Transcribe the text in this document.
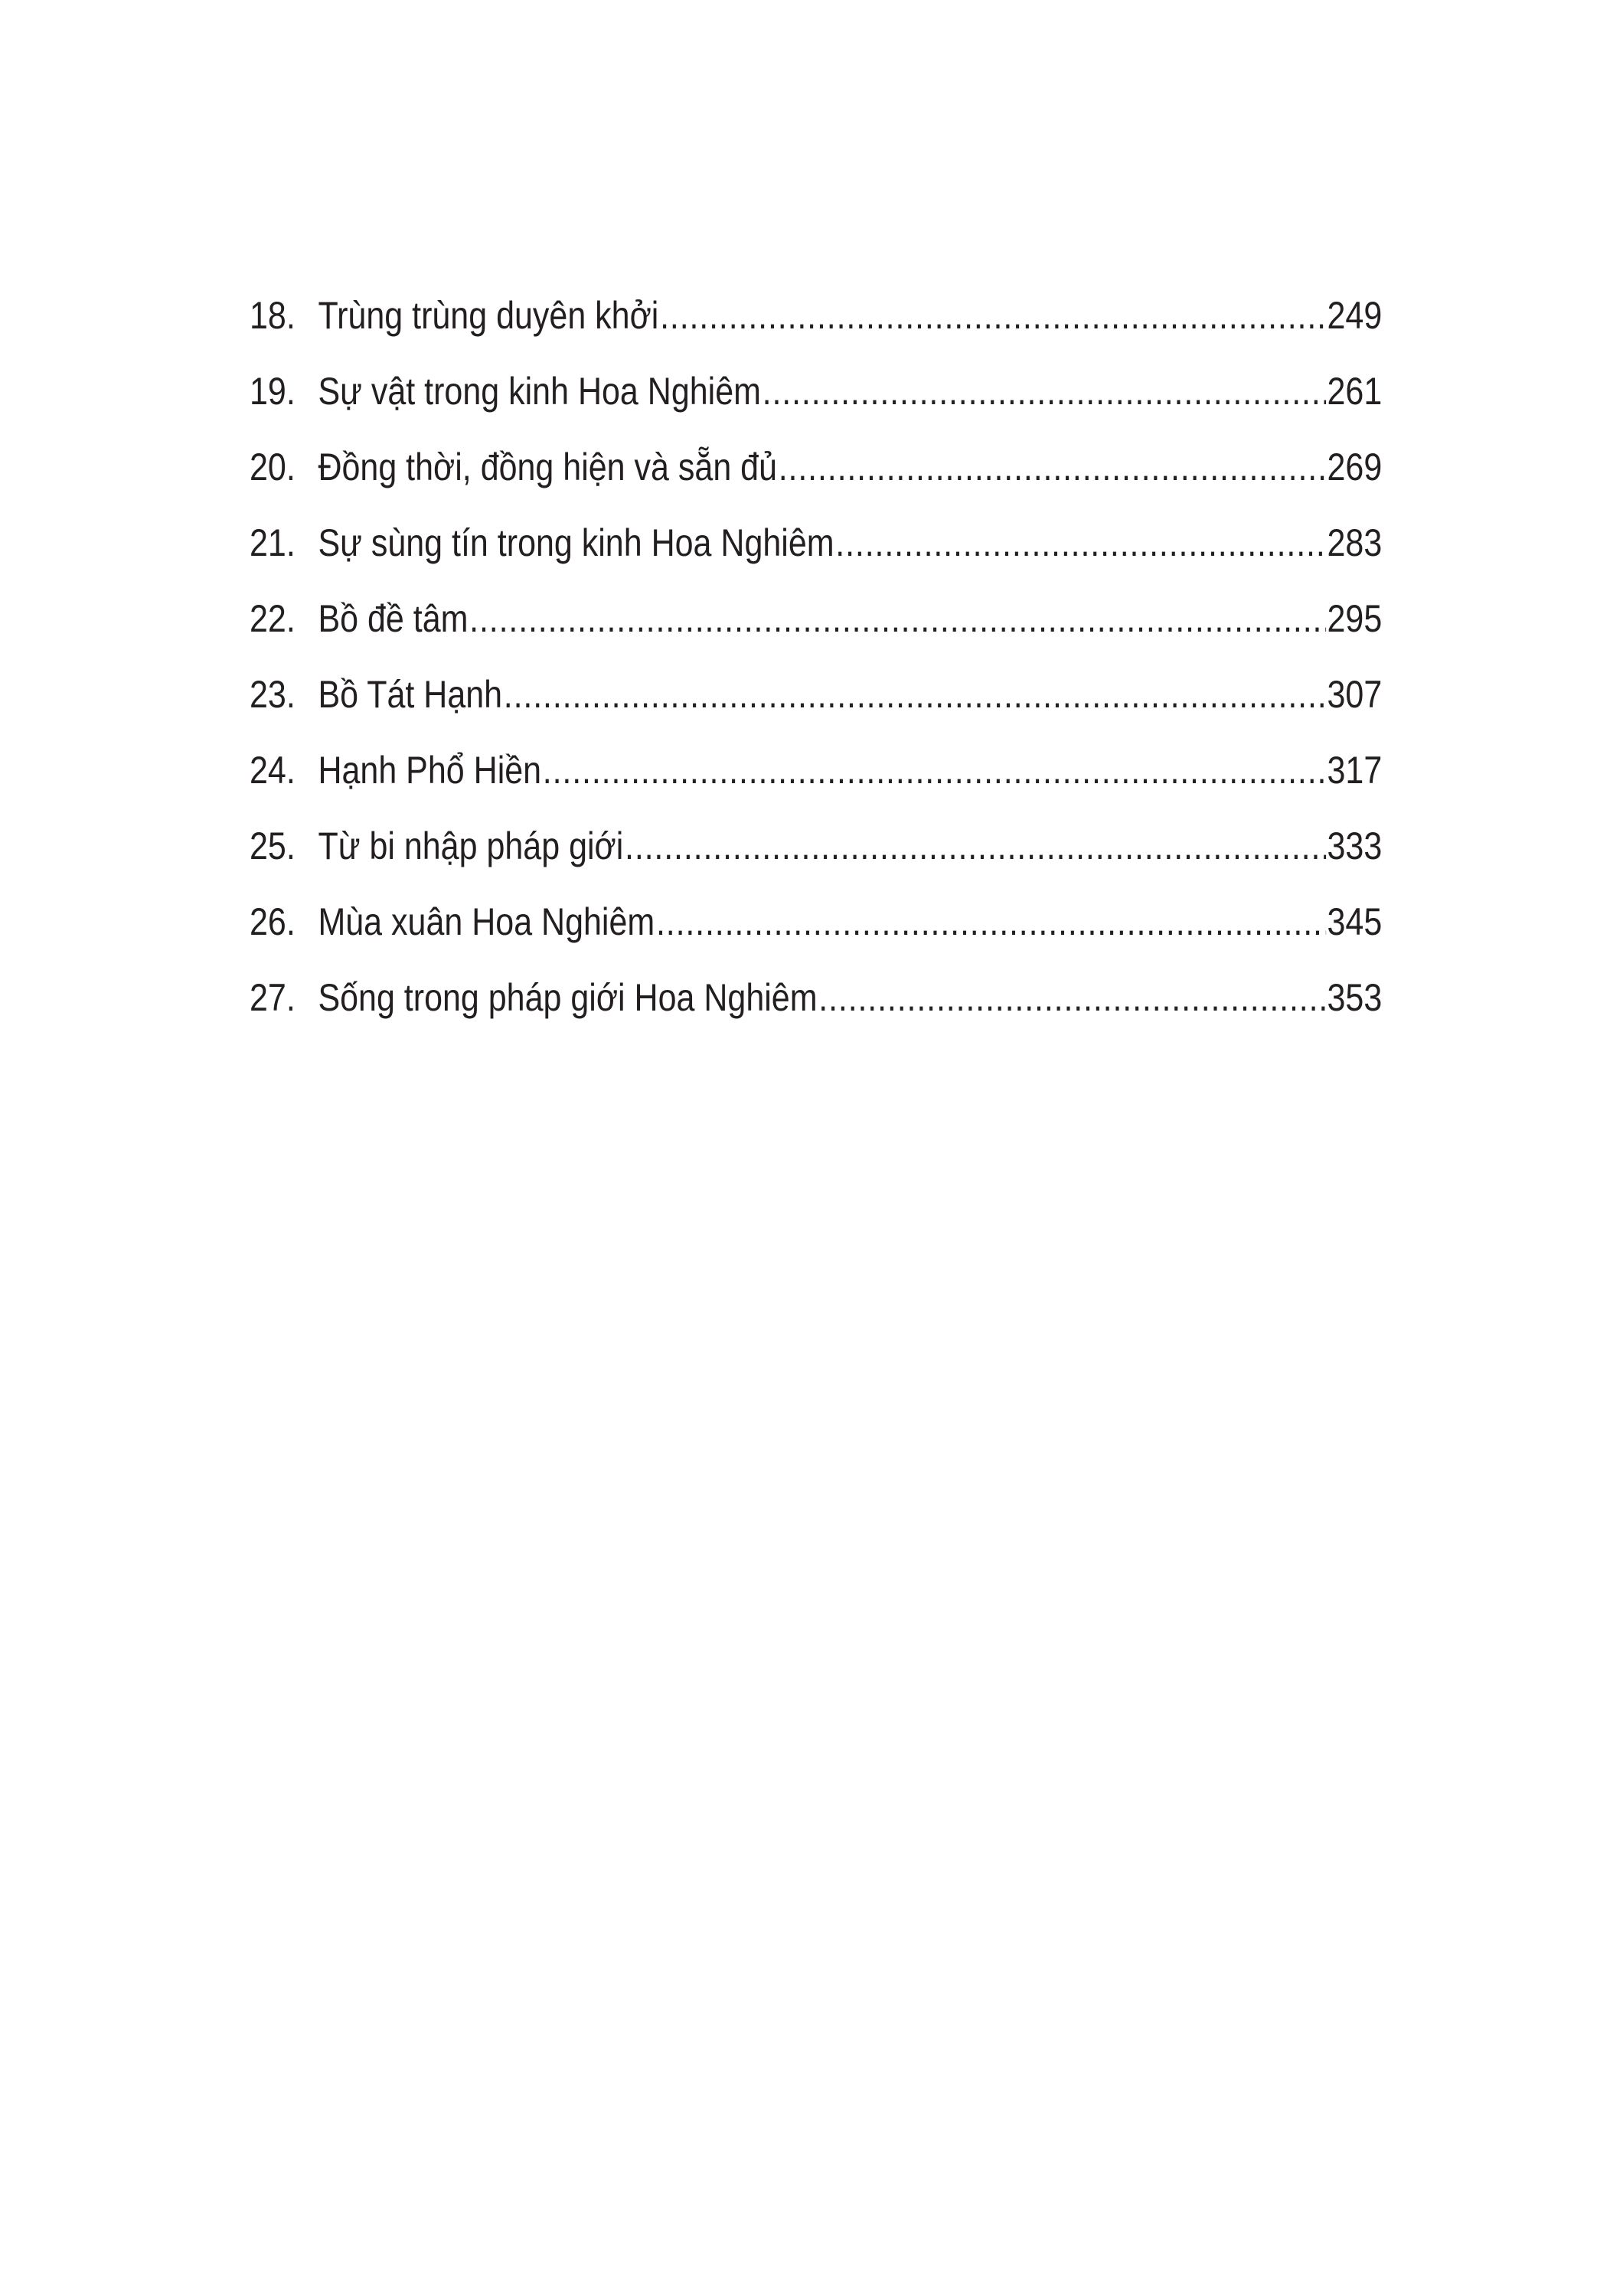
18. Trùng trùng duyên khởi .....	249
19. Sự vật trong kinh Hoa Nghiêm .....	261
20. Đồng thời, đồng hiện và sẵn đủ .....	269
21. Sự sùng tín trong kinh Hoa Nghiêm .....	283
22. Bồ đề tâm .....	295
23. Bồ Tát Hạnh .....	307
24. Hạnh Phổ Hiền .....	317
25. Từ bi nhập pháp giới .....	333
26. Mùa xuân Hoa Nghiêm .....	345
27. Sống trong pháp giới Hoa Nghiêm .....	353
